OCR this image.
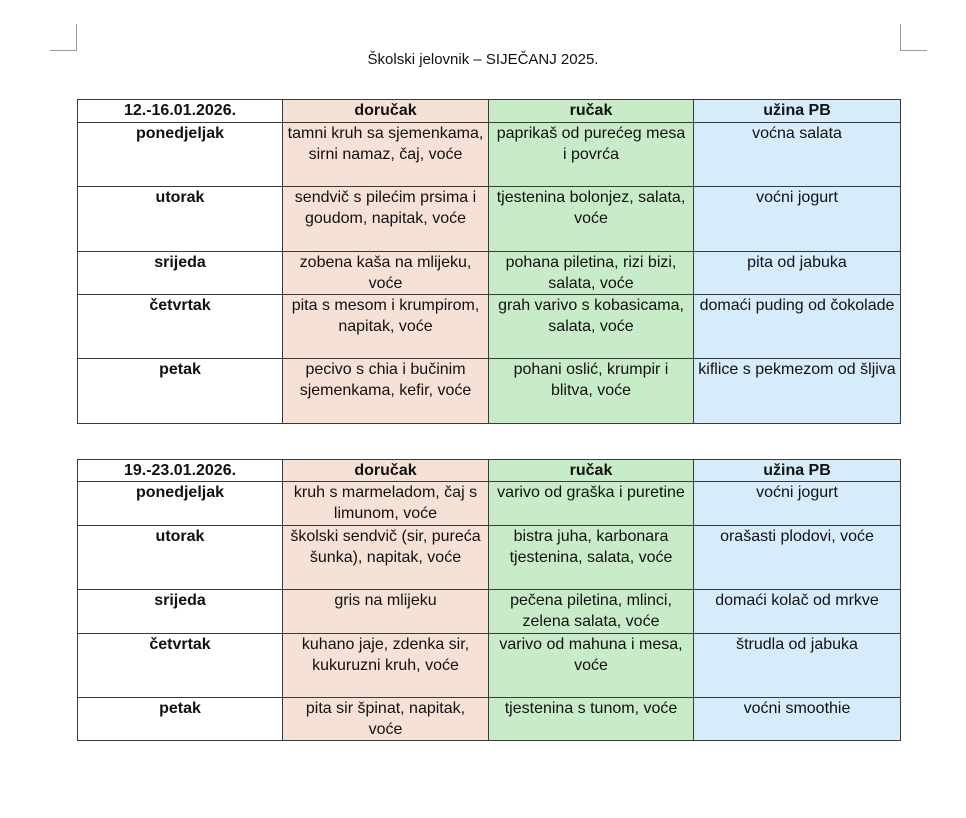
Školski jelovnik – SIJEČANJ 2025.
12.-16.01.2026.	doručak	ručak	užina PB
ponedjeljak	tamni kruh sa sjemenkama, sirni namaz, čaj, voće	paprikaš od purećeg mesa i povrća	voćna salata
utorak	sendvič s pilećim prsima i goudom, napitak, voće	tjestenina bolonjez, salata, voće	voćni jogurt
srijeda	zobena kaša na mlijeku, voće	pohana piletina, rizi bizi, salata, voće	pita od jabuka
četvrtak	pita s mesom i krumpirom, napitak, voće	grah varivo s kobasicama, salata, voće	domaći puding od čokolade
petak	pecivo s chia i bučinim sjemenkama, kefir, voće	pohani oslić, krumpir i blitva, voće	kiflice s pekmezom od šljiva
19.-23.01.2026.	doručak	ručak	užina PB
ponedjeljak	kruh s marmeladom, čaj s limunom, voće	varivo od graška i puretine	voćni jogurt
utorak	školski sendvič (sir, pureća šunka), napitak, voće	bistra juha, karbonara tjestenina, salata, voće	orašasti plodovi, voće
srijeda	gris na mlijeku	pečena piletina, mlinci, zelena salata, voće	domaći kolač od mrkve
četvrtak	kuhano jaje, zdenka sir, kukuruzni kruh, voće	varivo od mahuna i mesa, voće	štrudla od jabuka
petak	pita sir špinat, napitak, voće	tjestenina s tunom, voće	voćni smoothie
